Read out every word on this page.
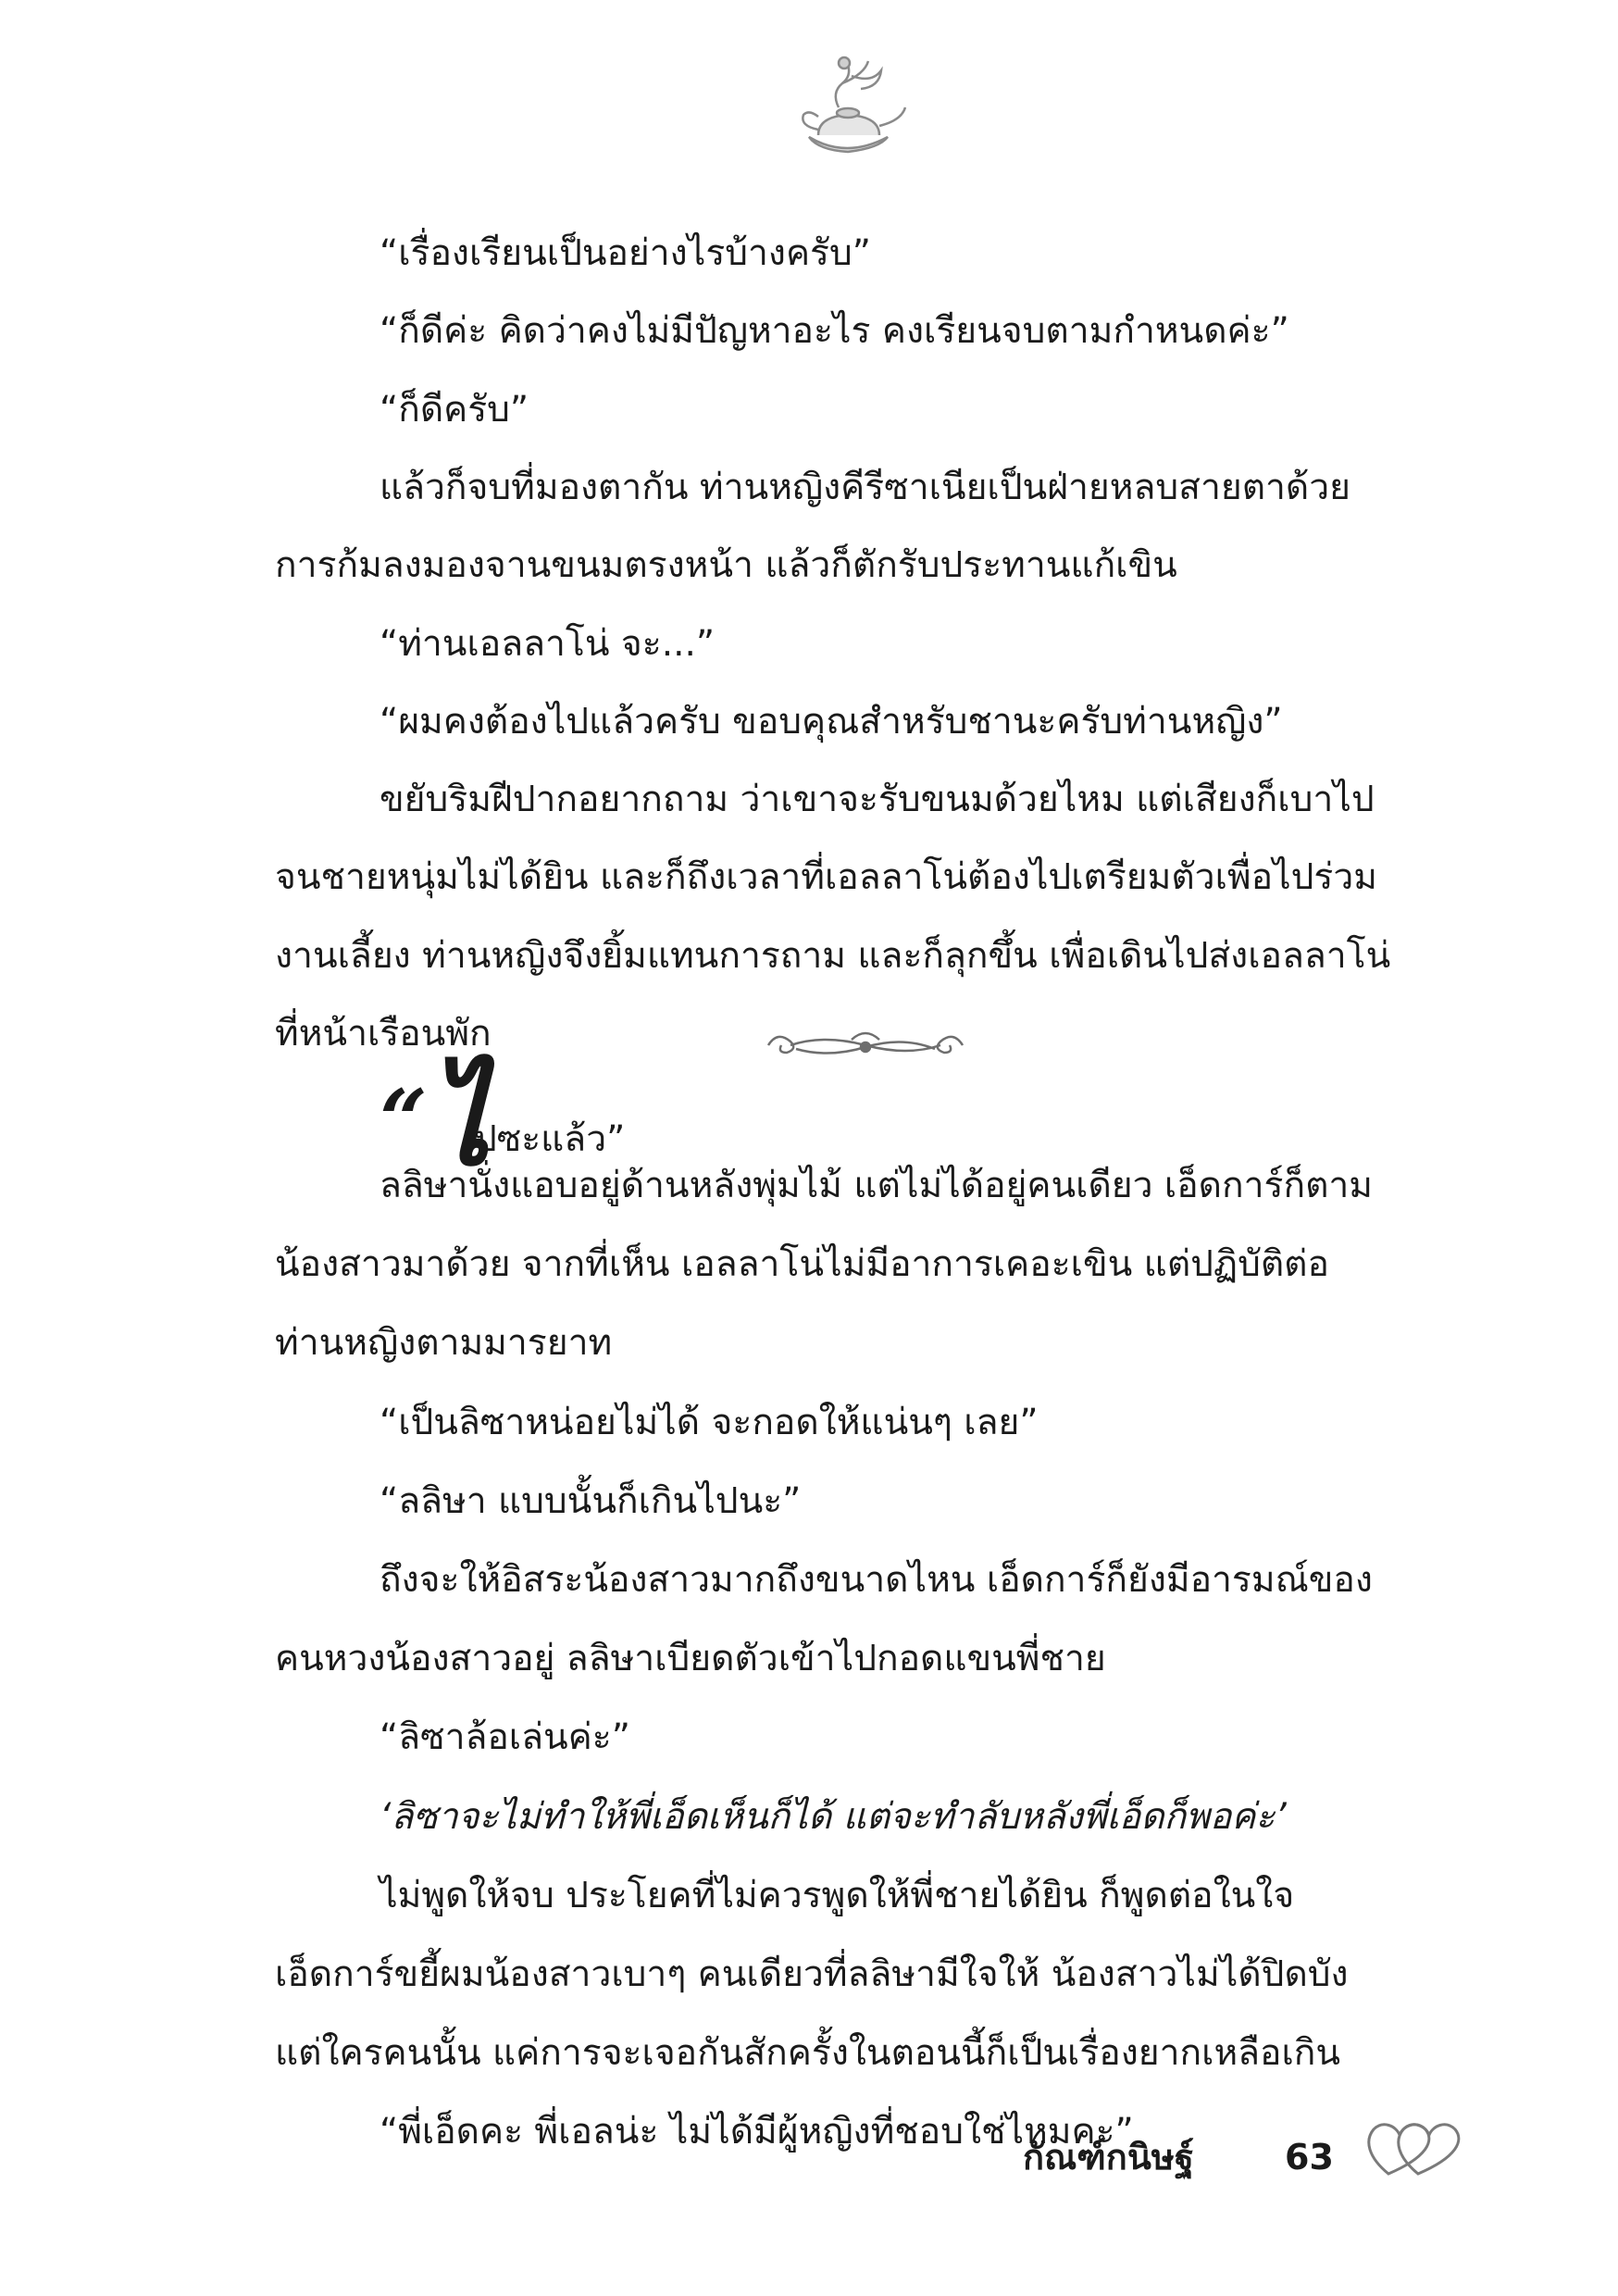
“เรื่องเรียนเป็นอย่างไรบ้างครับ”
“ก็ดีค่ะ คิดว่าคงไม่มีปัญหาอะไร คงเรียนจบตามกำหนดค่ะ”
“ก็ดีครับ”
แล้วก็จบที่มองตากัน ท่านหญิงคีรีซาเนียเป็นฝ่ายหลบสายตาด้วย
การก้มลงมองจานขนมตรงหน้า แล้วก็ตักรับประทานแก้เขิน
“ท่านเอลลาโน่ จะ...”
“ผมคงต้องไปแล้วครับ ขอบคุณสำหรับชานะครับท่านหญิง”
ขยับริมฝีปากอยากถาม ว่าเขาจะรับขนมด้วยไหม แต่เสียงก็เบาไป
จนชายหนุ่มไม่ได้ยิน และก็ถึงเวลาที่เอลลาโน่ต้องไปเตรียมตัวเพื่อไปร่วม
งานเลี้ยง ท่านหญิงจึงยิ้มแทนการถาม และก็ลุกขึ้น เพื่อเดินไปส่งเอลลาโน่
ที่หน้าเรือนพัก
“ ไ
ปซะแล้ว”
ลลิษานั่งแอบอยู่ด้านหลังพุ่มไม้ แต่ไม่ได้อยู่คนเดียว เอ็ดการ์ก็ตาม
น้องสาวมาด้วย จากที่เห็น เอลลาโน่ไม่มีอาการเคอะเขิน แต่ปฏิบัติต่อ
ท่านหญิงตามมารยาท
“เป็นลิซาหน่อยไม่ได้ จะกอดให้แน่นๆ เลย”
“ลลิษา แบบนั้นก็เกินไปนะ”
ถึงจะให้อิสระน้องสาวมากถึงขนาดไหน เอ็ดการ์ก็ยังมีอารมณ์ของ
คนหวงน้องสาวอยู่ ลลิษาเบียดตัวเข้าไปกอดแขนพี่ชาย
“ลิซาล้อเล่นค่ะ”
‘ลิซาจะไม่ทำให้พี่เอ็ดเห็นก็ได้ แต่จะทำลับหลังพี่เอ็ดก็พอค่ะ’
ไม่พูดให้จบ ประโยคที่ไม่ควรพูดให้พี่ชายได้ยิน ก็พูดต่อในใจ
เอ็ดการ์ขยี้ผมน้องสาวเบาๆ คนเดียวที่ลลิษามีใจให้ น้องสาวไม่ได้ปิดบัง
แต่ใครคนนั้น แค่การจะเจอกันสักครั้งในตอนนี้ก็เป็นเรื่องยากเหลือเกิน
“พี่เอ็ดคะ พี่เอลน่ะ ไม่ได้มีผู้หญิงที่ชอบใช่ไหมคะ”
กัณฑ์กนิษฐ์	63
